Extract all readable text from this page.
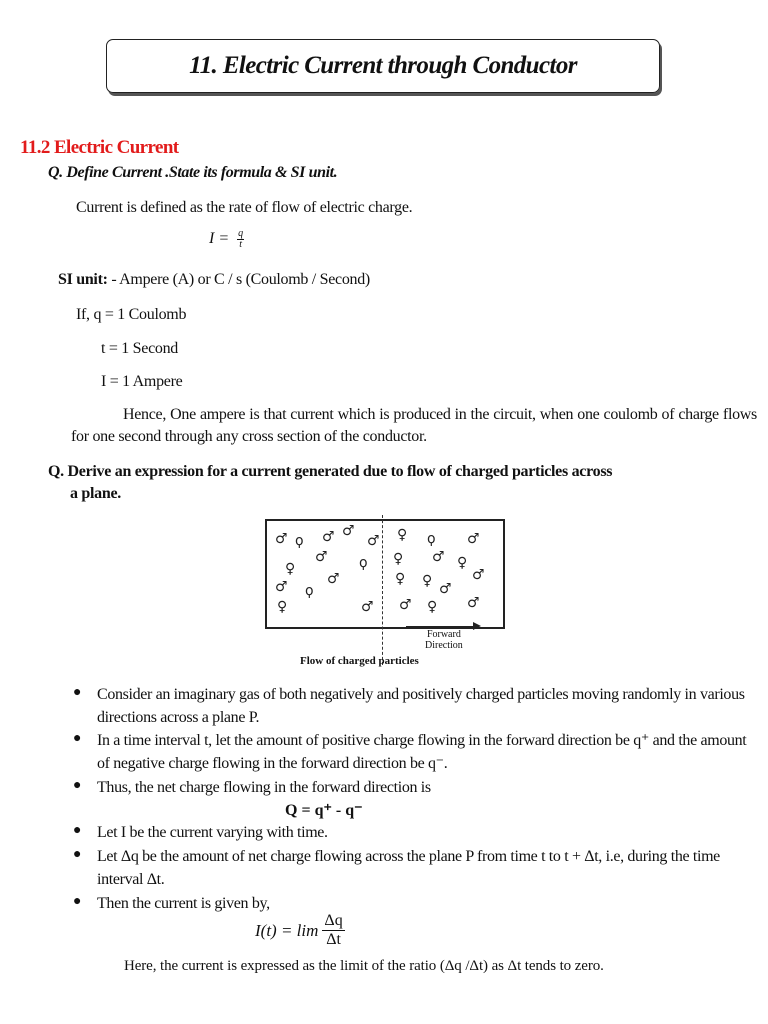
11. Electric Current through Conductor
11.2 Electric Current
Q. Define Current .State its formula & SI unit.
Current is defined as the rate of flow of electric charge.
$I = \frac{q}{t}$
SI unit: - Ampere (A) or C / s (Coulomb / Second)
If, q = 1 Coulomb
t = 1 Second
I = 1 Ampere
Hence, One ampere is that current which is produced in the circuit, when one coulomb of charge flows for one second through any cross section of the conductor.
Q. Derive an expression for a current generated due to flow of charged particles across
a plane.
♂ ϙ ♂ ♂
♂
♂
♀	ϙ
♂
♂ ϙ
♀	♂
♀ ϙ ♂
♀ ♂ ♀
♀ ♀	♂
♂
♂ ♀ ♂
Forward
Direction
Flow of charged particles
● Consider an imaginary gas of both negatively and positively charged particles moving randomly in various directions across a plane P.
● In a time interval t, let the amount of positive charge flowing in the forward direction be q⁺ and the amount of negative charge flowing in the forward direction be q⁻.
● Thus, the net charge flowing in the forward direction is
Q = q⁺ - q⁻
● Let I be the current varying with time.
● Let Δq be the amount of net charge flowing across the plane P from time t to t + Δt, i.e, during the time interval Δt.
● Then the current is given by,
$I(t) = \lim \frac{\Delta q}{\Delta t}$
Here, the current is expressed as the limit of the ratio (Δq /Δt) as Δt tends to zero.
